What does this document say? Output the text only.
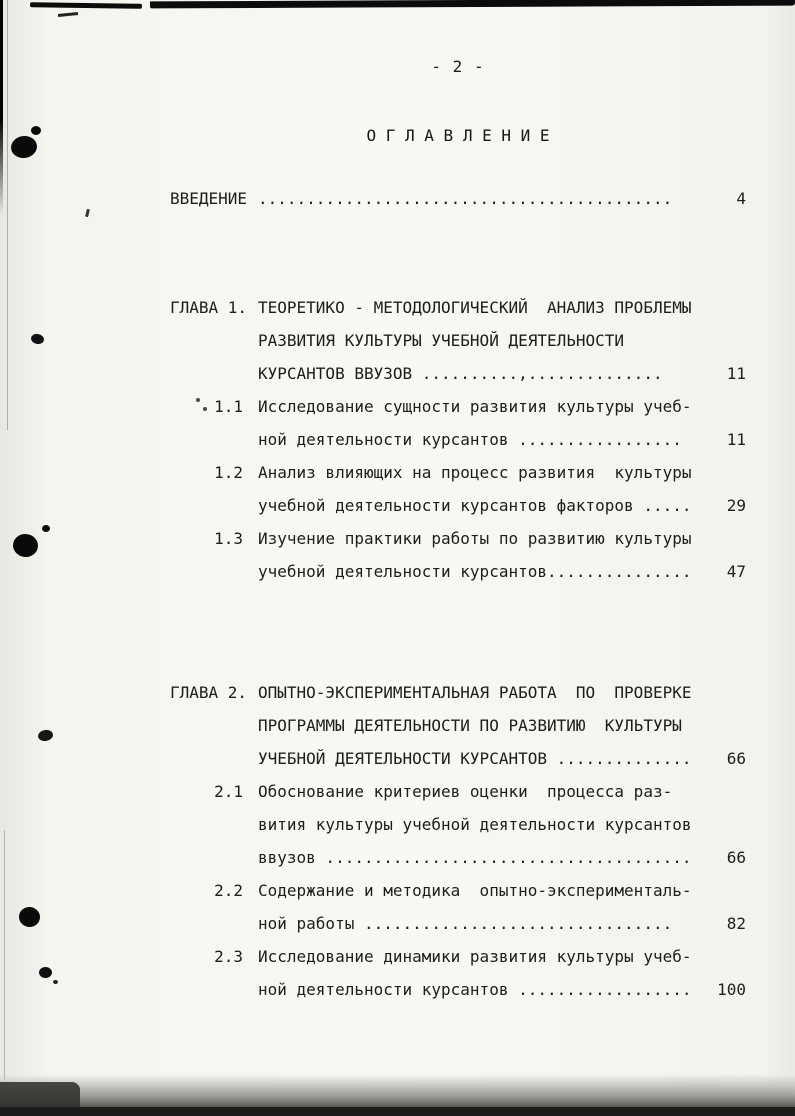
- 2 -
О Г Л А В Л Е Н И Е
ВВЕДЕНИЕ ...........................................	4
ГЛАВА 1. ТЕОРЕТИКО - МЕТОДОЛОГИЧЕСКИЙ  АНАЛИЗ ПРОБЛЕМЫ
РАЗВИТИЯ КУЛЬТУРЫ УЧЕБНОЙ ДЕЯТЕЛЬНОСТИ
КУРСАНТОВ ВВУЗОВ ..........,..............	11
1.1 Исследование сущности развития культуры учеб-
ной деятельности курсантов .................	11
1.2 Анализ влияющих на процесс развития  культуры
учебной деятельности курсантов факторов .....	29
1.3 Изучение практики работы по развитию культуры
учебной деятельности курсантов...............	47
ГЛАВА 2. ОПЫТНО-ЭКСПЕРИМЕНТАЛЬНАЯ РАБОТА  ПО  ПРОВЕРКЕ
ПРОГРАММЫ ДЕЯТЕЛЬНОСТИ ПО РАЗВИТИЮ  КУЛЬТУРЫ
УЧЕБНОЙ ДЕЯТЕЛЬНОСТИ КУРСАНТОВ ..............	66
2.1 Обоснование критериев оценки  процесса раз-
вития культуры учебной деятельности курсантов
ввузов ......................................	66
2.2 Содержание и методика  опытно-эксперименталь-
ной работы ................................	82
2.3 Исследование динамики развития культуры учеб-
ной деятельности курсантов ..................	100
